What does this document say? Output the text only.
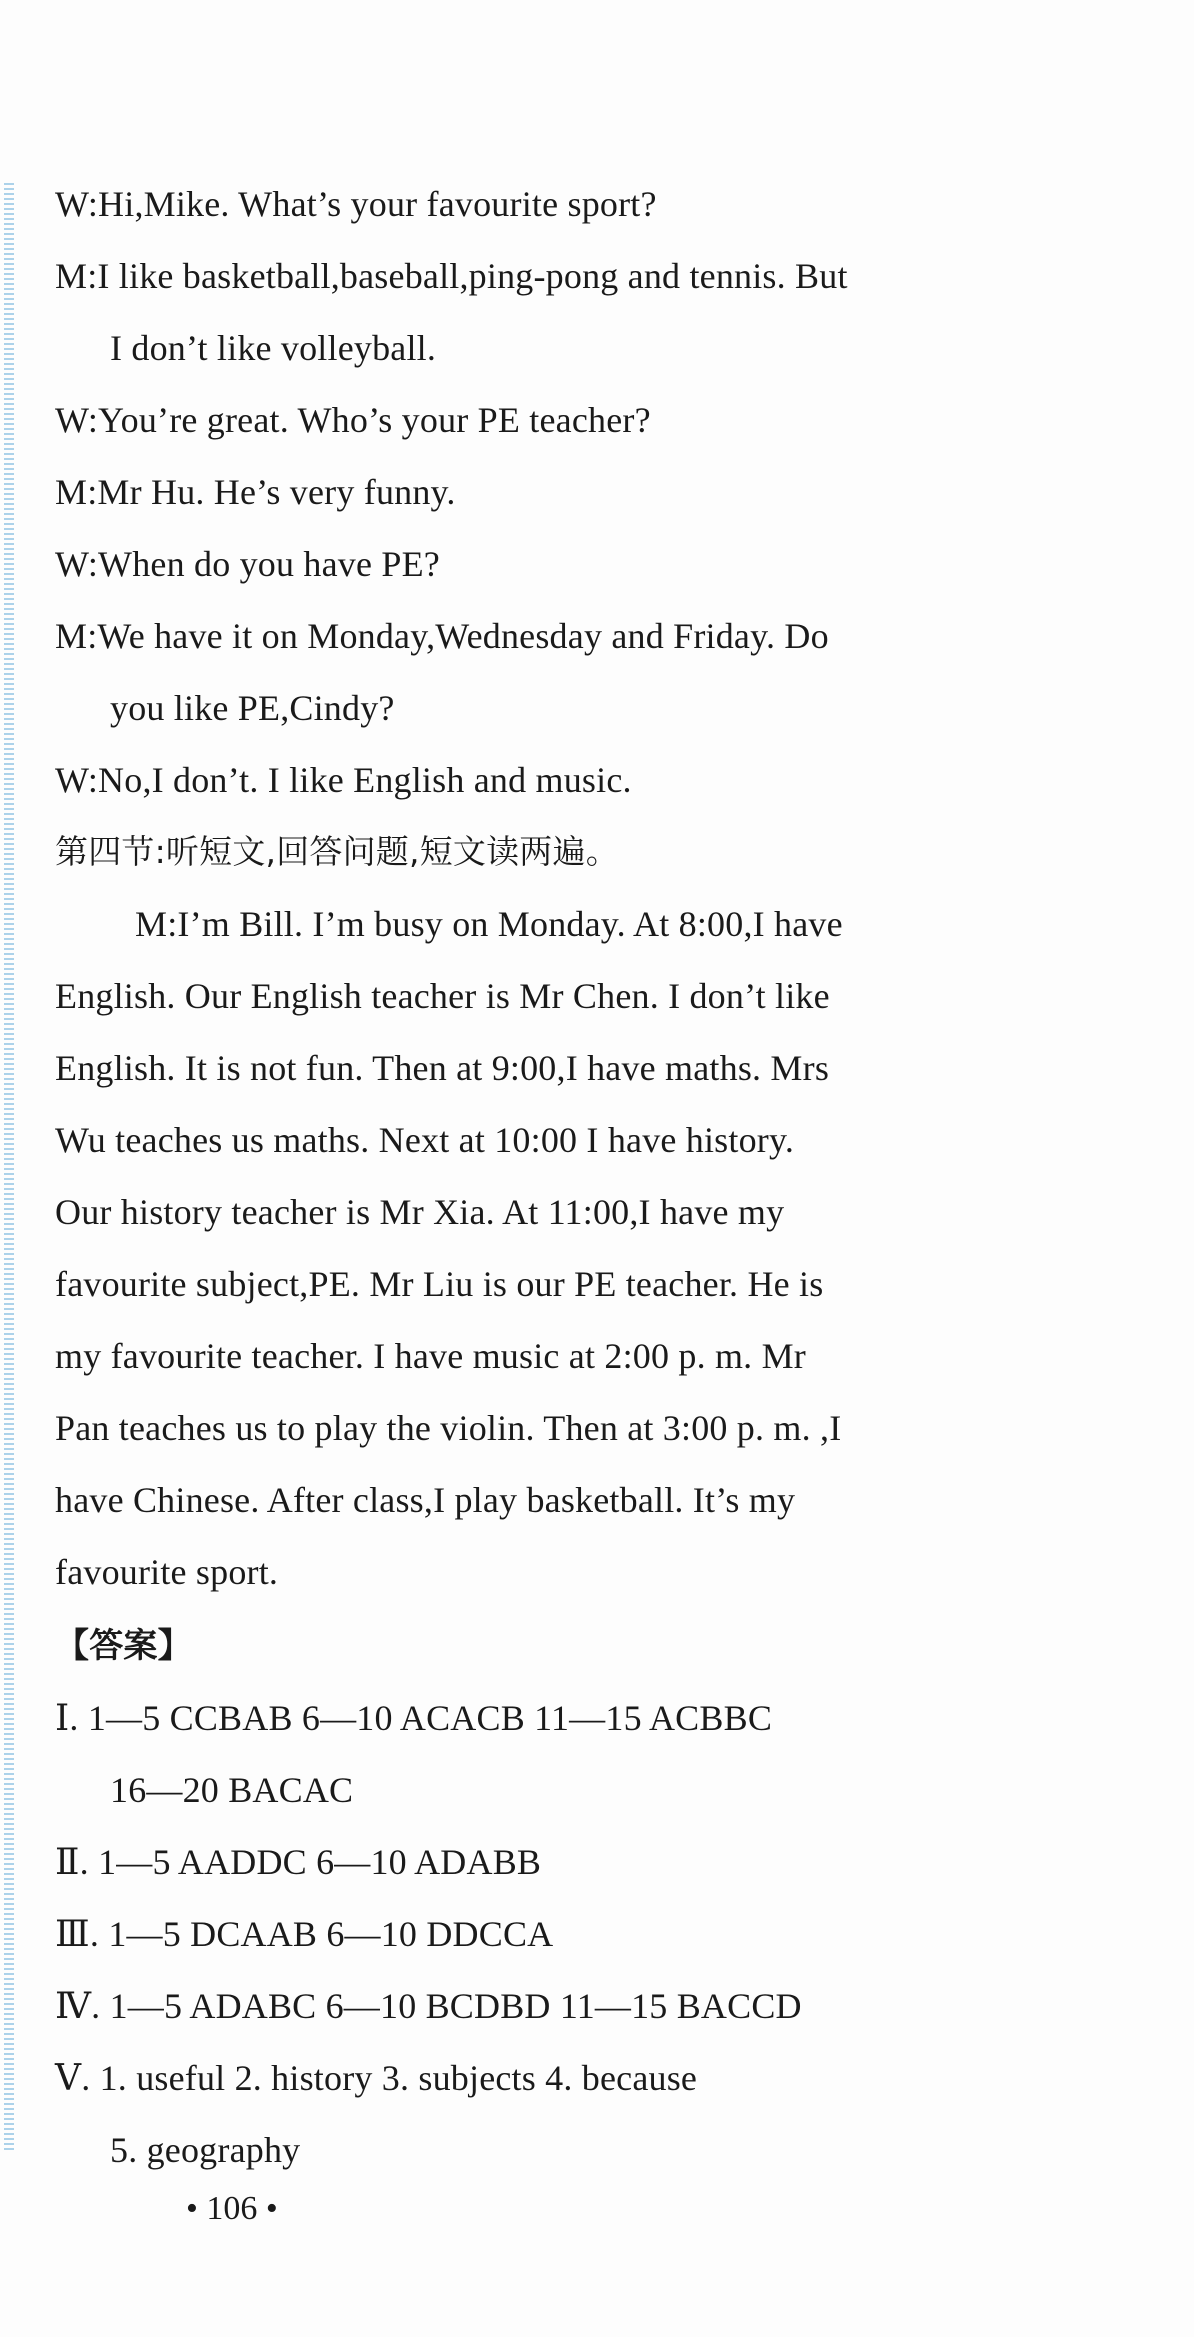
W:Hi,Mike. What’s your favourite sport?
M:I like basketball,baseball,ping-pong and tennis. But
I don’t like volleyball.
W:You’re great. Who’s your PE teacher?
M:Mr Hu. He’s very funny.
W:When do you have PE?
M:We have it on Monday,Wednesday and Friday. Do
you like PE,Cindy?
W:No,I don’t. I like English and music.
第四节:听短文,回答问题,短文读两遍。
M:I’m Bill. I’m busy on Monday. At 8:00,I have
English. Our English teacher is Mr Chen. I don’t like
English. It is not fun. Then at 9:00,I have maths. Mrs
Wu teaches us maths. Next at 10:00 I have history.
Our history teacher is Mr Xia. At 11:00,I have my
favourite subject,PE. Mr Liu is our PE teacher. He is
my favourite teacher. I have music at 2:00 p. m. Mr
Pan teaches us to play the violin. Then at 3:00 p. m. ,I
have Chinese. After class,I play basketball. It’s my
favourite sport.
【答案】
Ⅰ. 1—5 CCBAB 6—10 ACACB 11—15 ACBBC
16—20 BACAC
Ⅱ. 1—5 AADDC 6—10 ADABB
Ⅲ. 1—5 DCAAB 6—10 DDCCA
Ⅳ. 1—5 ADABC 6—10 BCDBD 11—15 BACCD
Ⅴ. 1. useful 2. history 3. subjects 4. because
5. geography
• 106 •
